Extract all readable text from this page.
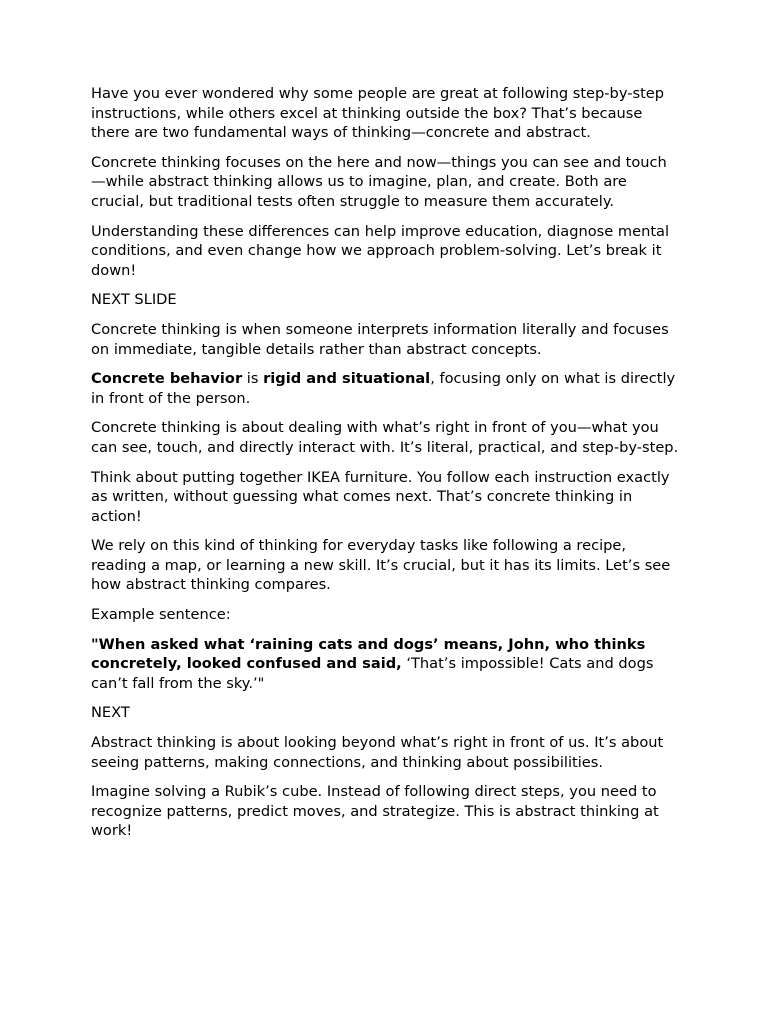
Have you ever wondered why some people are great at following step-by-step instructions, while others excel at thinking outside the box? That’s because there are two fundamental ways of thinking—concrete and abstract.

Concrete thinking focuses on the here and now—things you can see and touch—while abstract thinking allows us to imagine, plan, and create. Both are crucial, but traditional tests often struggle to measure them accurately.

Understanding these differences can help improve education, diagnose mental conditions, and even change how we approach problem-solving. Let’s break it down!

NEXT SLIDE

Concrete thinking is when someone interprets information literally and focuses on immediate, tangible details rather than abstract concepts.

Concrete behavior is rigid and situational, focusing only on what is directly in front of the person.

Concrete thinking is about dealing with what’s right in front of you—what you can see, touch, and directly interact with. It’s literal, practical, and step-by-step.

Think about putting together IKEA furniture. You follow each instruction exactly as written, without guessing what comes next. That’s concrete thinking in action!

We rely on this kind of thinking for everyday tasks like following a recipe, reading a map, or learning a new skill. It’s crucial, but it has its limits. Let’s see how abstract thinking compares.

Example sentence:

"When asked what ‘raining cats and dogs’ means, John, who thinks concretely, looked confused and said, ‘That’s impossible! Cats and dogs can’t fall from the sky.’"

NEXT

Abstract thinking is about looking beyond what’s right in front of us. It’s about seeing patterns, making connections, and thinking about possibilities.

Imagine solving a Rubik’s cube. Instead of following direct steps, you need to recognize patterns, predict moves, and strategize. This is abstract thinking at work!
